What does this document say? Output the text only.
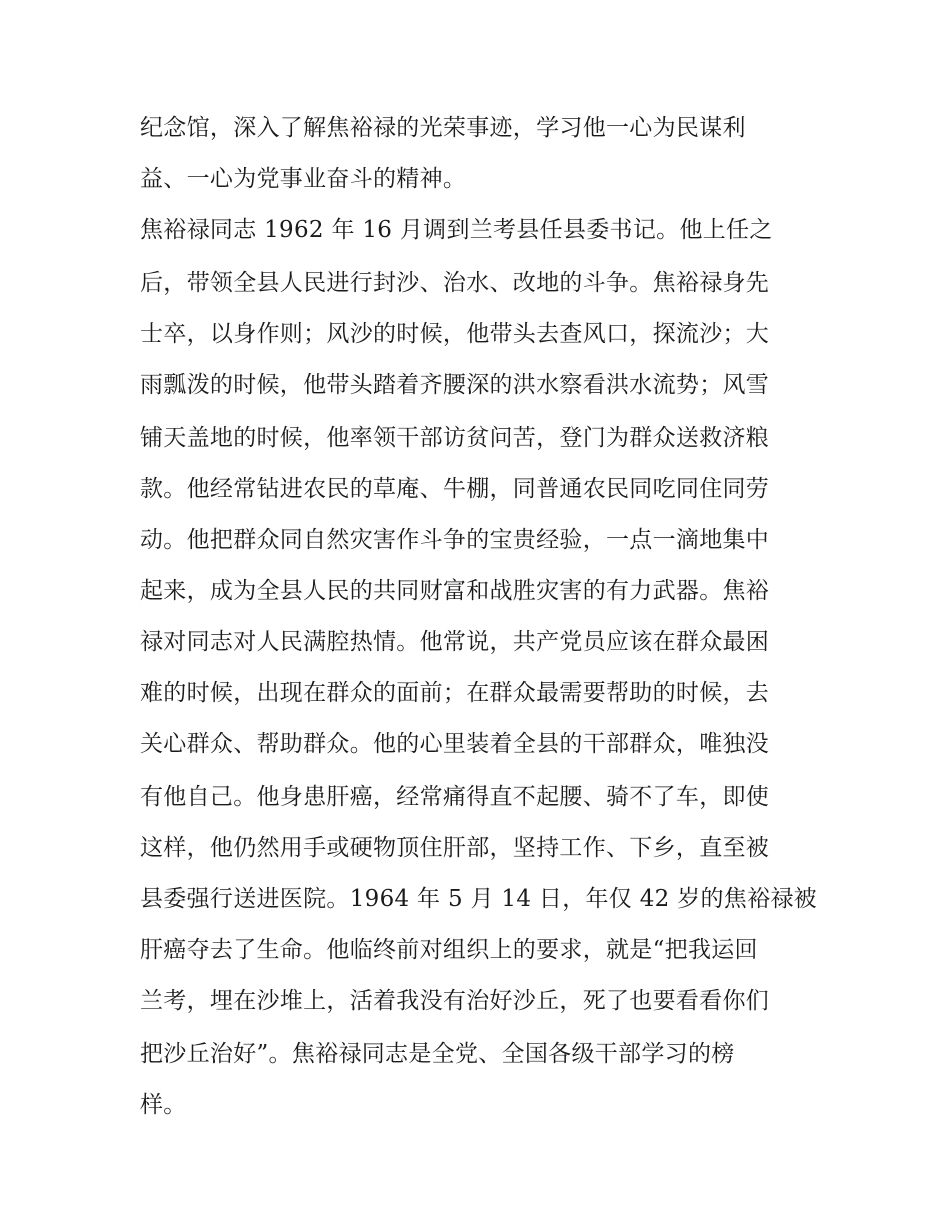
纪念馆，深入了解焦裕禄的光荣事迹，学习他一心为民谋利
益、一心为党事业奋斗的精神。
焦裕禄同志 1962 年 16 月调到兰考县任县委书记。他上任之
后，带领全县人民进行封沙、治水、改地的斗争。焦裕禄身先
士卒，以身作则；风沙的时候，他带头去查风口，探流沙；大
雨瓢泼的时候，他带头踏着齐腰深的洪水察看洪水流势；风雪
铺天盖地的时候，他率领干部访贫问苦，登门为群众送救济粮
款。他经常钻进农民的草庵、牛棚，同普通农民同吃同住同劳
动。他把群众同自然灾害作斗争的宝贵经验，一点一滴地集中
起来，成为全县人民的共同财富和战胜灾害的有力武器。焦裕
禄对同志对人民满腔热情。他常说，共产党员应该在群众最困
难的时候，出现在群众的面前；在群众最需要帮助的时候，去
关心群众、帮助群众。他的心里装着全县的干部群众，唯独没
有他自己。他身患肝癌，经常痛得直不起腰、骑不了车，即使
这样，他仍然用手或硬物顶住肝部，坚持工作、下乡，直至被
县委强行送进医院。1964 年 5 月 14 日，年仅 42 岁的焦裕禄被
肝癌夺去了生命。他临终前对组织上的要求，就是“把我运回
兰考，埋在沙堆上，活着我没有治好沙丘，死了也要看看你们
把沙丘治好”。焦裕禄同志是全党、全国各级干部学习的榜
样。
